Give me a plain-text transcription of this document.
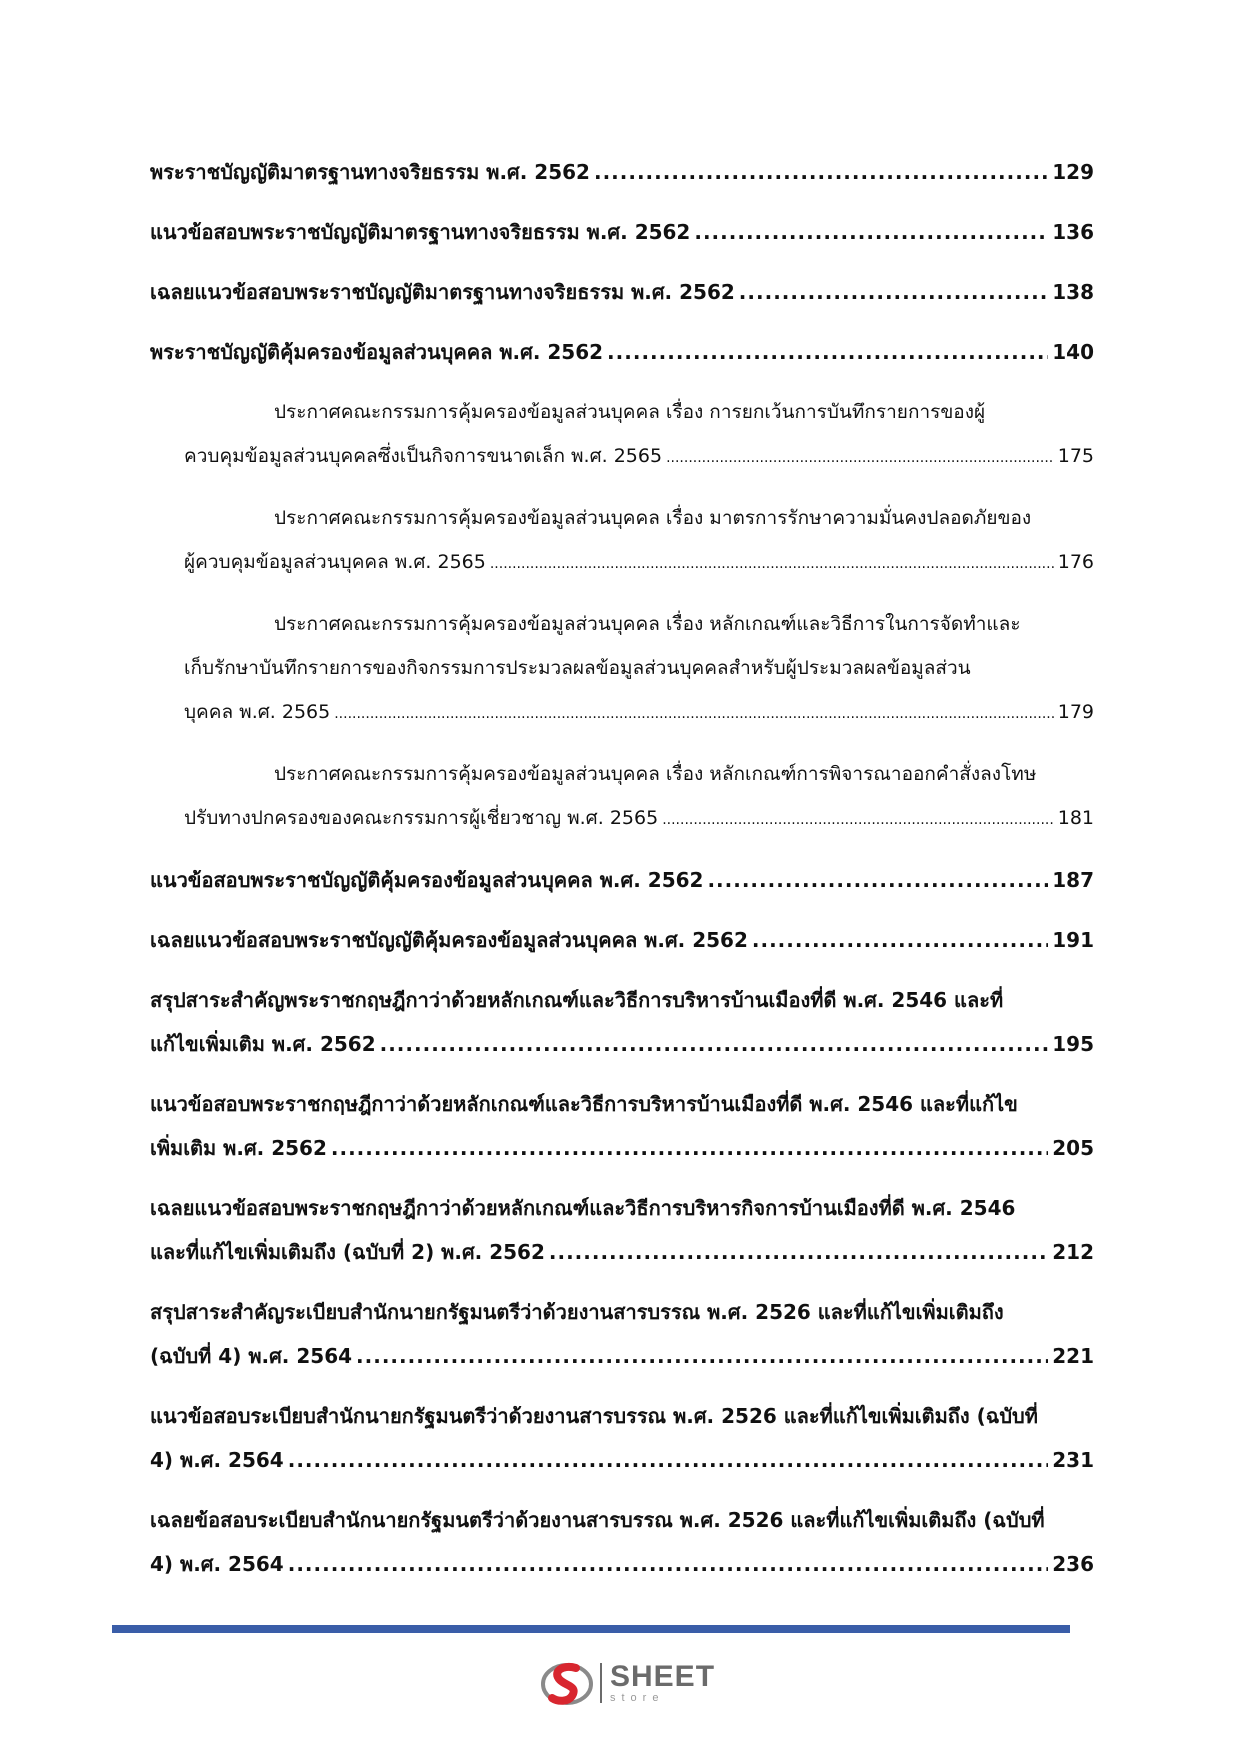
พระราชบัญญัติมาตรฐานทางจริยธรรม พ.ศ. 2562 .....	129
แนวข้อสอบพระราชบัญญัติมาตรฐานทางจริยธรรม พ.ศ. 2562 .....	136
เฉลยแนวข้อสอบพระราชบัญญัติมาตรฐานทางจริยธรรม พ.ศ. 2562 .....	138
พระราชบัญญัติคุ้มครองข้อมูลส่วนบุคคล พ.ศ. 2562 .....	140
ประกาศคณะกรรมการคุ้มครองข้อมูลส่วนบุคคล เรื่อง การยกเว้นการบันทึกรายการของผู้
ควบคุมข้อมูลส่วนบุคคลซึ่งเป็นกิจการขนาดเล็ก พ.ศ. 2565 .....	175
ประกาศคณะกรรมการคุ้มครองข้อมูลส่วนบุคคล เรื่อง มาตรการรักษาความมั่นคงปลอดภัยของ
ผู้ควบคุมข้อมูลส่วนบุคคล พ.ศ. 2565 .....	176
ประกาศคณะกรรมการคุ้มครองข้อมูลส่วนบุคคล เรื่อง หลักเกณฑ์และวิธีการในการจัดทำและ
เก็บรักษาบันทึกรายการของกิจกรรมการประมวลผลข้อมูลส่วนบุคคลสำหรับผู้ประมวลผลข้อมูลส่วน
บุคคล พ.ศ. 2565 .....	179
ประกาศคณะกรรมการคุ้มครองข้อมูลส่วนบุคคล เรื่อง หลักเกณฑ์การพิจารณาออกคำสั่งลงโทษ
ปรับทางปกครองของคณะกรรมการผู้เชี่ยวชาญ พ.ศ. 2565 .....	181
แนวข้อสอบพระราชบัญญัติคุ้มครองข้อมูลส่วนบุคคล พ.ศ. 2562 .....	187
เฉลยแนวข้อสอบพระราชบัญญัติคุ้มครองข้อมูลส่วนบุคคล พ.ศ. 2562 .....	191
สรุปสาระสำคัญพระราชกฤษฎีกาว่าด้วยหลักเกณฑ์และวิธีการบริหารบ้านเมืองที่ดี พ.ศ. 2546 และที่
แก้ไขเพิ่มเติม พ.ศ. 2562 .....	195
แนวข้อสอบพระราชกฤษฎีกาว่าด้วยหลักเกณฑ์และวิธีการบริหารบ้านเมืองที่ดี พ.ศ. 2546 และที่แก้ไข
เพิ่มเติม พ.ศ. 2562 .....	205
เฉลยแนวข้อสอบพระราชกฤษฎีกาว่าด้วยหลักเกณฑ์และวิธีการบริหารกิจการบ้านเมืองที่ดี พ.ศ. 2546
และที่แก้ไขเพิ่มเติมถึง (ฉบับที่ 2) พ.ศ. 2562 .....	212
สรุปสาระสำคัญระเบียบสำนักนายกรัฐมนตรีว่าด้วยงานสารบรรณ พ.ศ. 2526 และที่แก้ไขเพิ่มเติมถึง
(ฉบับที่ 4) พ.ศ. 2564 .....	221
แนวข้อสอบระเบียบสำนักนายกรัฐมนตรีว่าด้วยงานสารบรรณ พ.ศ. 2526 และที่แก้ไขเพิ่มเติมถึง (ฉบับที่
4) พ.ศ. 2564 .....	231
เฉลยข้อสอบระเบียบสำนักนายกรัฐมนตรีว่าด้วยงานสารบรรณ พ.ศ. 2526 และที่แก้ไขเพิ่มเติมถึง (ฉบับที่
4) พ.ศ. 2564 .....	236
SHEET
store
